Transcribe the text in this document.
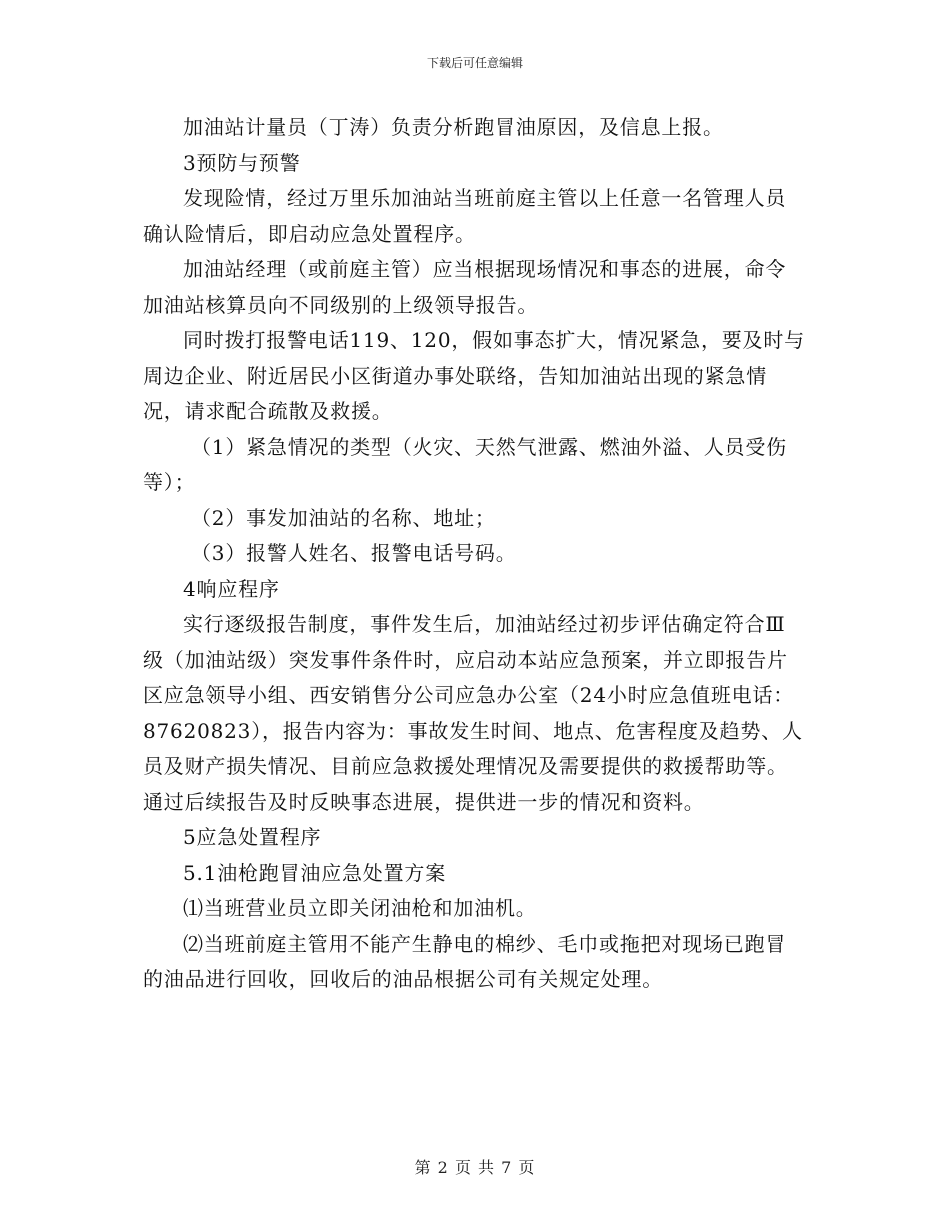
下载后可任意编辑

加油站计量员（丁涛）负责分析跑冒油原因，及信息上报。

3预防与预警

发现险情，经过万里乐加油站当班前庭主管以上任意一名管理人员确认险情后，即启动应急处置程序。

加油站经理（或前庭主管）应当根据现场情况和事态的进展，命令加油站核算员向不同级别的上级领导报告。

同时拨打报警电话119、120，假如事态扩大，情况紧急，要及时与周边企业、附近居民小区街道办事处联络，告知加油站出现的紧急情况，请求配合疏散及救援。

（1）紧急情况的类型（火灾、天然气泄露、燃油外溢、人员受伤等）；

（2）事发加油站的名称、地址；

（3）报警人姓名、报警电话号码。

4响应程序

实行逐级报告制度，事件发生后，加油站经过初步评估确定符合Ⅲ级（加油站级）突发事件条件时，应启动本站应急预案，并立即报告片区应急领导小组、西安销售分公司应急办公室（24小时应急值班电话：87620823），报告内容为：事故发生时间、地点、危害程度及趋势、人员及财产损失情况、目前应急救援处理情况及需要提供的救援帮助等。通过后续报告及时反映事态进展，提供进一步的情况和资料。

5应急处置程序

5.1油枪跑冒油应急处置方案

⑴当班营业员立即关闭油枪和加油机。

⑵当班前庭主管用不能产生静电的棉纱、毛巾或拖把对现场已跑冒的油品进行回收，回收后的油品根据公司有关规定处理。

第 2 页 共 7 页
